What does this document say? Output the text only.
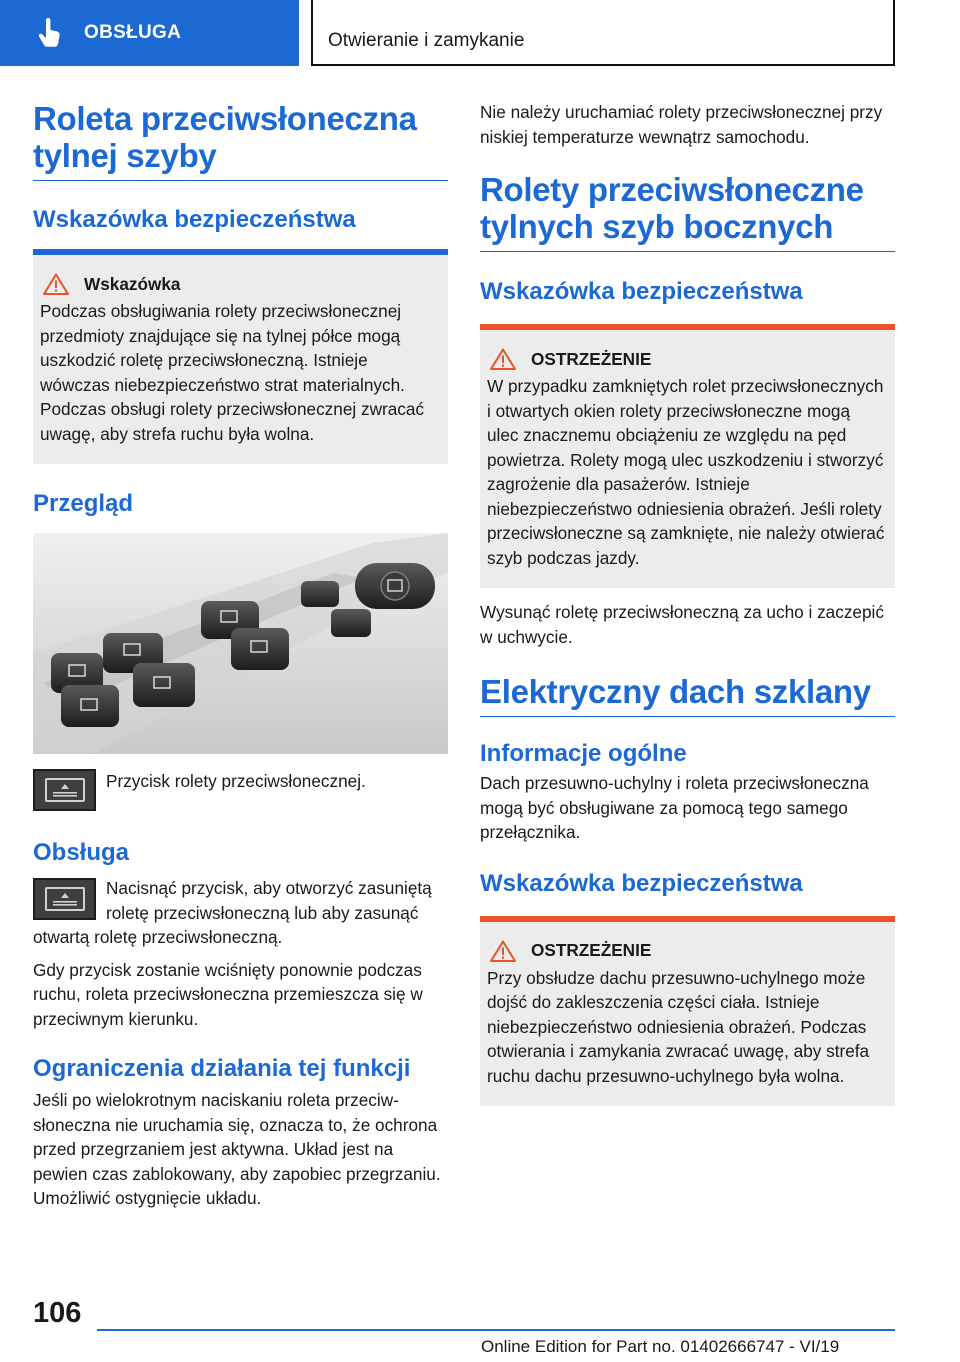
OBSŁUGA	Otwieranie i zamykanie
Roleta przeciwsłoneczna tylnej szyby
Wskazówka bezpieczeństwa
Wskazówka
Podczas obsługiwania rolety przeciwsłonecznej przedmioty znajdujące się na tylnej półce mogą uszkodzić roletę przeciwsłoneczną. Istnieje wówczas niebezpieczeństwo strat materialnych. Podczas obsługi rolety przeciwsłonecznej zwracać uwagę, aby strefa ruchu była wolna.
Przegląd
Przycisk rolety przeciwsłonecznej.
Obsługa
Nacisnąć przycisk, aby otworzyć zasuniętą roletę przeciwsłoneczną lub aby zasunąć otwartą roletę przeciwsłoneczną.
Gdy przycisk zostanie wciśnięty ponownie podczas ruchu, roleta przeciwsłoneczna przemieszcza się w przeciwnym kierunku.
Ograniczenia działania tej funkcji
Jeśli po wielokrotnym naciskaniu roleta przeciwsłoneczna nie uruchamia się, oznacza to, że ochrona przed przegrzaniem jest aktywna. Układ jest na pewien czas zablokowany, aby zapobiec przegrzaniu. Umożliwić ostygnięcie układu.
Nie należy uruchamiać rolety przeciwsłonecznej przy niskiej temperaturze wewnątrz samochodu.
Rolety przeciwsłoneczne tylnych szyb bocznych
Wskazówka bezpieczeństwa
OSTRZEŻENIE
W przypadku zamkniętych rolet przeciwsłonecznych i otwartych okien rolety przeciwsłoneczne mogą ulec znacznemu obciążeniu ze względu na pęd powietrza. Rolety mogą ulec uszkodzeniu i stworzyć zagrożenie dla pasażerów. Istnieje niebezpieczeństwo odniesienia obrażeń. Jeśli rolety przeciwsłoneczne są zamknięte, nie należy otwierać szyb podczas jazdy.
Wysunąć roletę przeciwsłoneczną za ucho i zaczepić w uchwycie.
Elektryczny dach szklany
Informacje ogólne
Dach przesuwno-uchylny i roleta przeciwsłoneczna mogą być obsługiwane za pomocą tego samego przełącznika.
Wskazówka bezpieczeństwa
OSTRZEŻENIE
Przy obsłudze dachu przesuwno-uchylnego może dojść do zakleszczenia części ciała. Istnieje niebezpieczeństwo odniesienia obrażeń. Podczas otwierania i zamykania zwracać uwagę, aby strefa ruchu dachu przesuwno-uchylnego była wolna.
106
Online Edition for Part no. 01402666747 - VI/19
